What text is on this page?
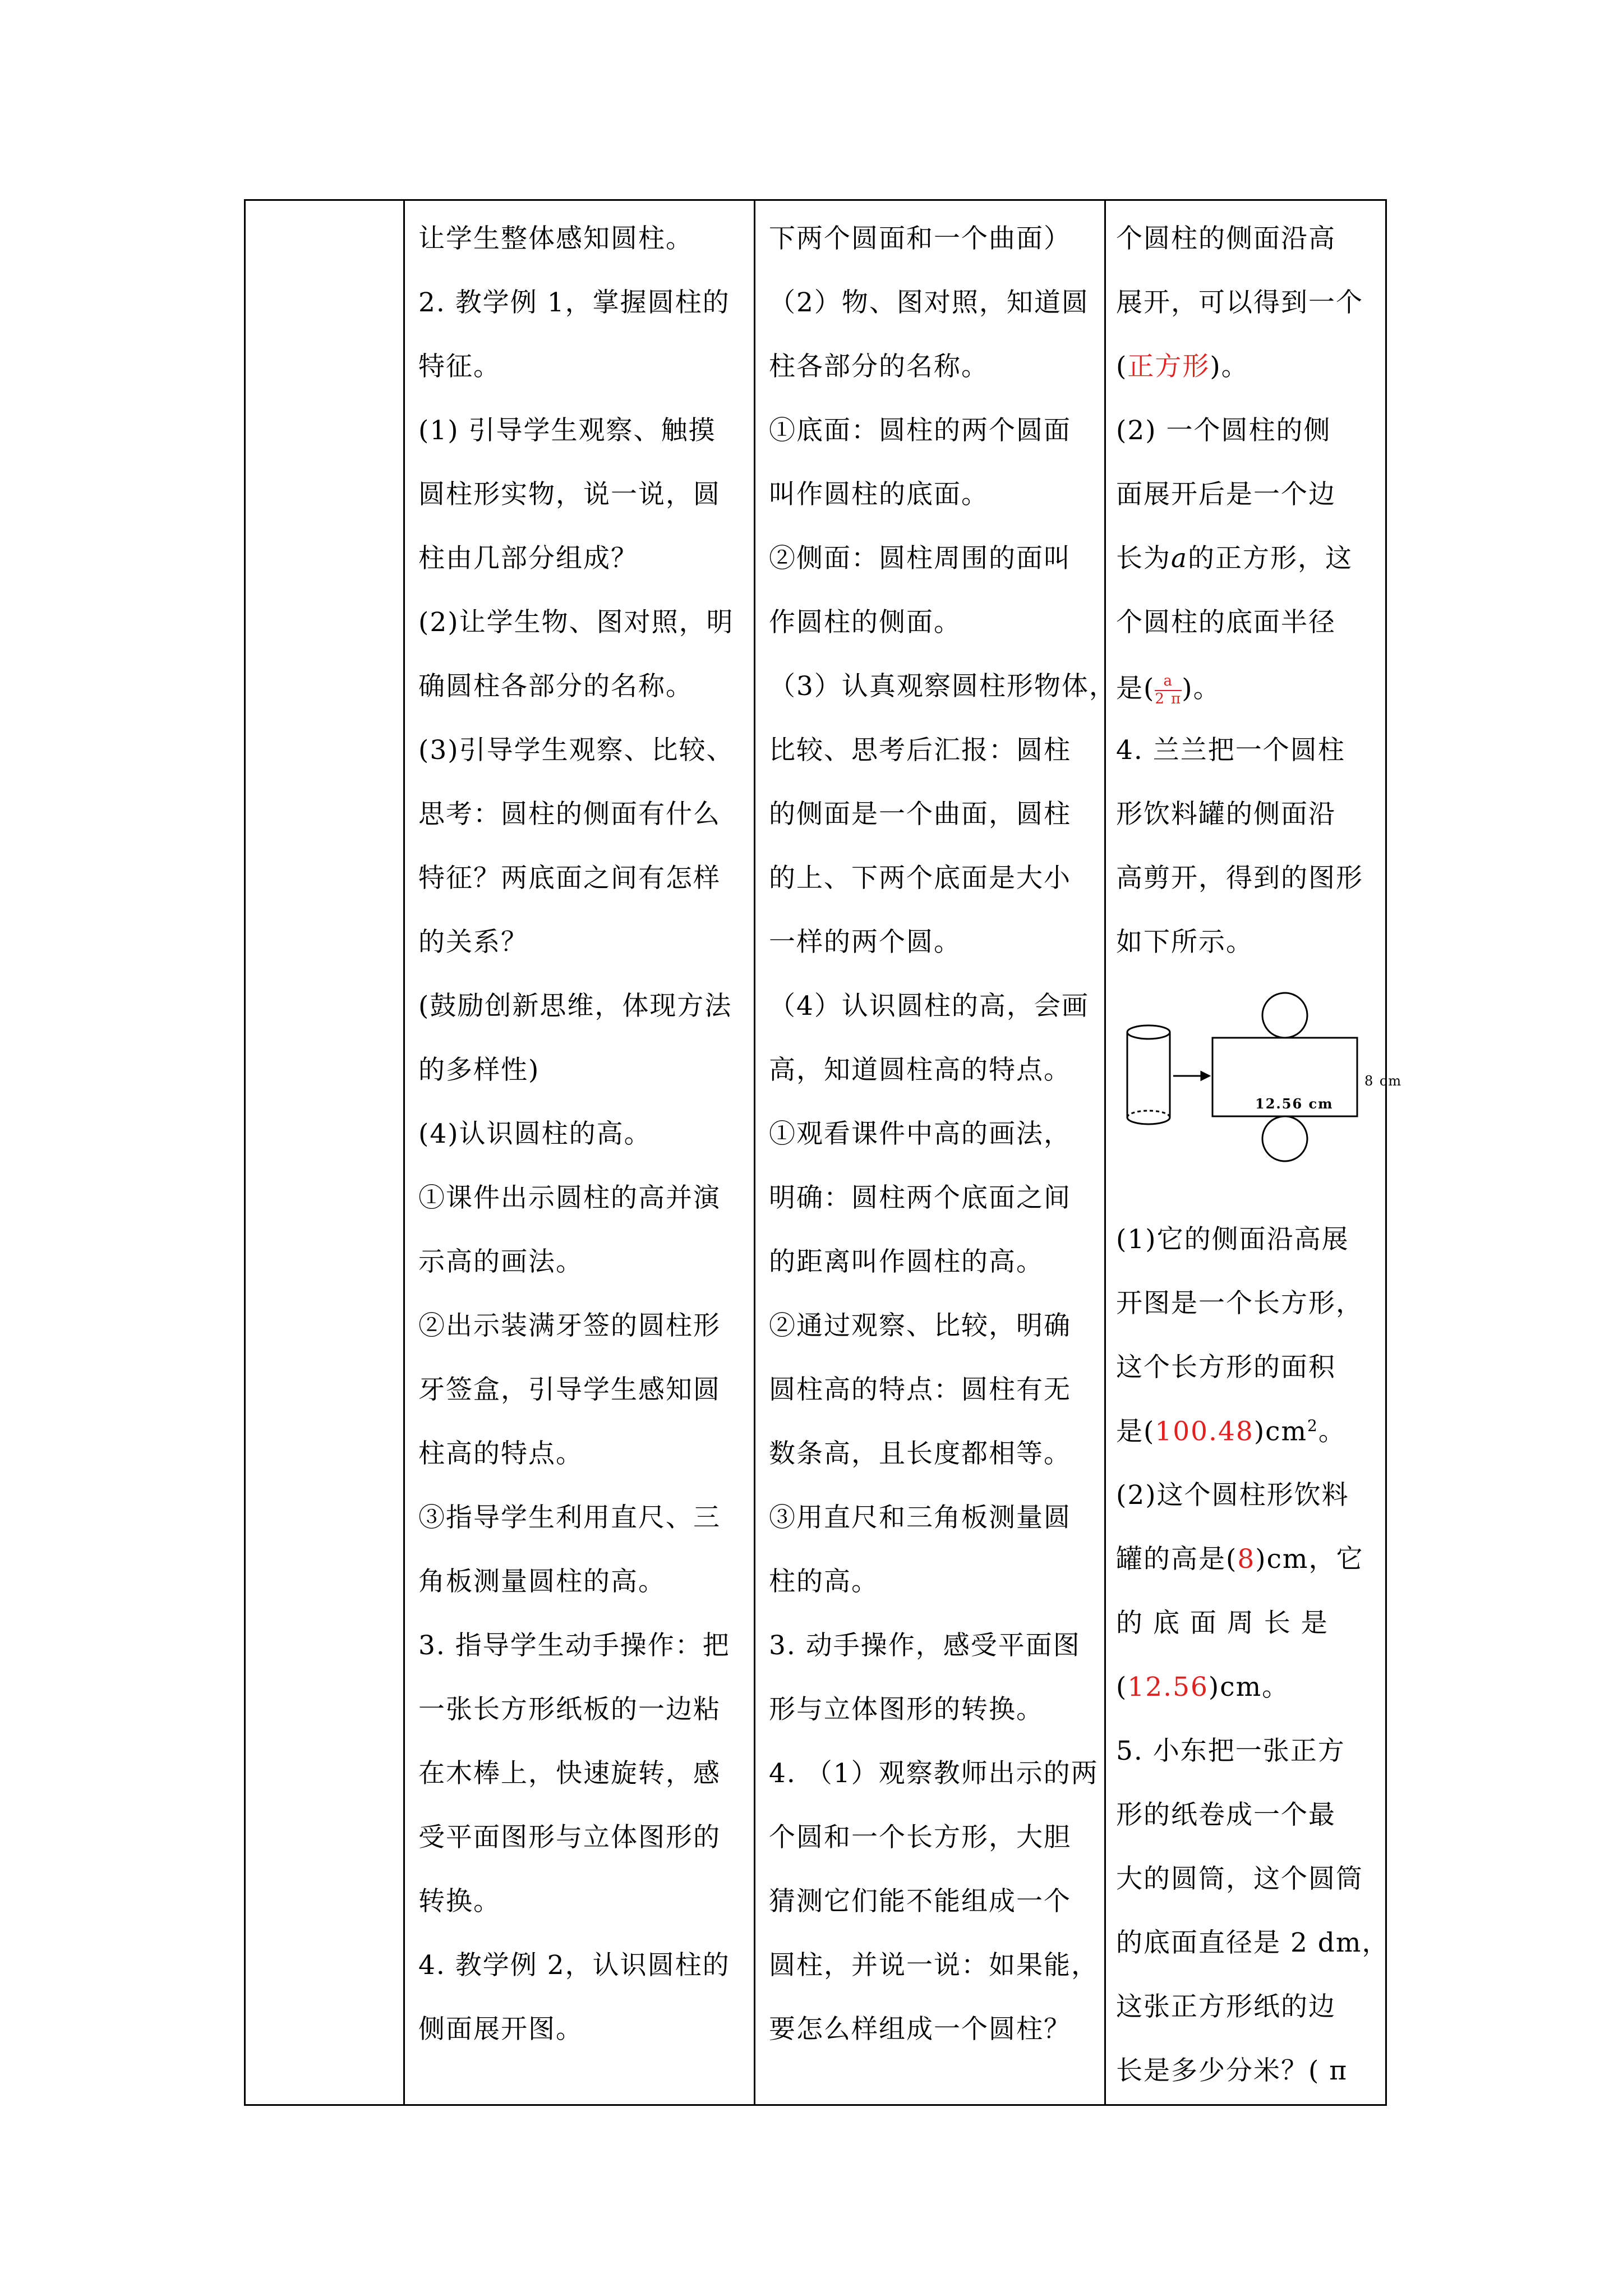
让学生整体感知圆柱。
2. 教学例 1，掌握圆柱的
特征。
(1) 引导学生观察、触摸
圆柱形实物，说一说，圆
柱由几部分组成？
(2)让学生物、图对照，明
确圆柱各部分的名称。
(3)引导学生观察、比较、
思考：圆柱的侧面有什么
特征？两底面之间有怎样
的关系？
(鼓励创新思维，体现方法
的多样性)
(4)认识圆柱的高。
①课件出示圆柱的高并演
示高的画法。
②出示装满牙签的圆柱形
牙签盒，引导学生感知圆
柱高的特点。
③指导学生利用直尺、三
角板测量圆柱的高。
3. 指导学生动手操作：把
一张长方形纸板的一边粘
在木棒上，快速旋转，感
受平面图形与立体图形的
转换。
4. 教学例 2，认识圆柱的
侧面展开图。
下两个圆面和一个曲面）
（2）物、图对照，知道圆
柱各部分的名称。
①底面：圆柱的两个圆面
叫作圆柱的底面。
②侧面：圆柱周围的面叫
作圆柱的侧面。
（3）认真观察圆柱形物体，
比较、思考后汇报：圆柱
的侧面是一个曲面，圆柱
的上、下两个底面是大小
一样的两个圆。
（4）认识圆柱的高，会画
高，知道圆柱高的特点。
①观看课件中高的画法，
明确：圆柱两个底面之间
的距离叫作圆柱的高。
②通过观察、比较，明确
圆柱高的特点：圆柱有无
数条高，且长度都相等。
③用直尺和三角板测量圆
柱的高。
3. 动手操作，感受平面图
形与立体图形的转换。
4. （1）观察教师出示的两
个圆和一个长方形，大胆
猜测它们能不能组成一个
圆柱，并说一说：如果能，
要怎么样组成一个圆柱？
个圆柱的侧面沿高
展开，可以得到一个
(正方形)。
(2) 一个圆柱的侧
面展开后是一个边
长为a的正方形，这
个圆柱的底面半径
是( $\frac{a}{2 \pi}$ )。
4. 兰兰把一个圆柱
形饮料罐的侧面沿
高剪开，得到的图形
如下所示。
8 cm
12.56 cm
(1)它的侧面沿高展
开图是一个长方形，
这个长方形的面积
是$(100.48)cm^2$。
(2)这个圆柱形饮料
罐的高是(8)cm，它
的 底 面 周 长 是
(12.56)cm。
5. 小东把一张正方
形的纸卷成一个最
大的圆筒，这个圆筒
的底面直径是 2 dm，
这张正方形纸的边
长是多少分米？( π
